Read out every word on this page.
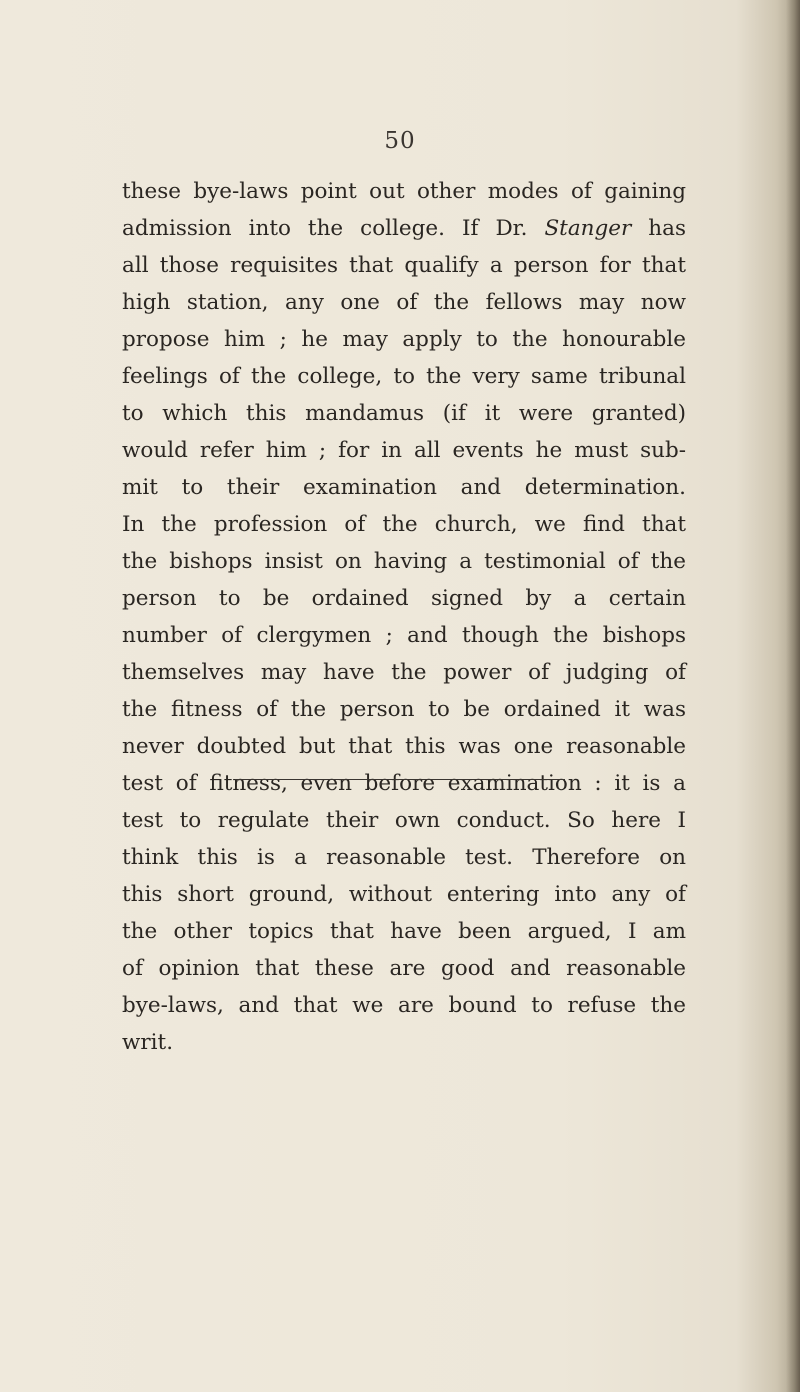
50
these bye-laws point out other modes of gaining
admission into the college. If Dr. Stanger has
all those requisites that qualify a person for that
high station, any one of the fellows may now
propose him ; he may apply to the honourable
feelings of the college, to the very same tribunal
to which this mandamus (if it were granted)
would refer him ; for in all events he must sub-
mit to their examination and determination.
In the profession of the church, we find that
the bishops insist on having a testimonial of the
person to be ordained signed by a certain
number of clergymen ; and though the bishops
themselves may have the power of judging of
the fitness of the person to be ordained it was
never doubted but that this was one reasonable
test of fitness, even before examination : it is a
test to regulate their own conduct. So here I
think this is a reasonable test. Therefore on
this short ground, without entering into any of
the other topics that have been argued, I am
of opinion that these are good and reasonable
bye-laws, and that we are bound to refuse the
writ.
